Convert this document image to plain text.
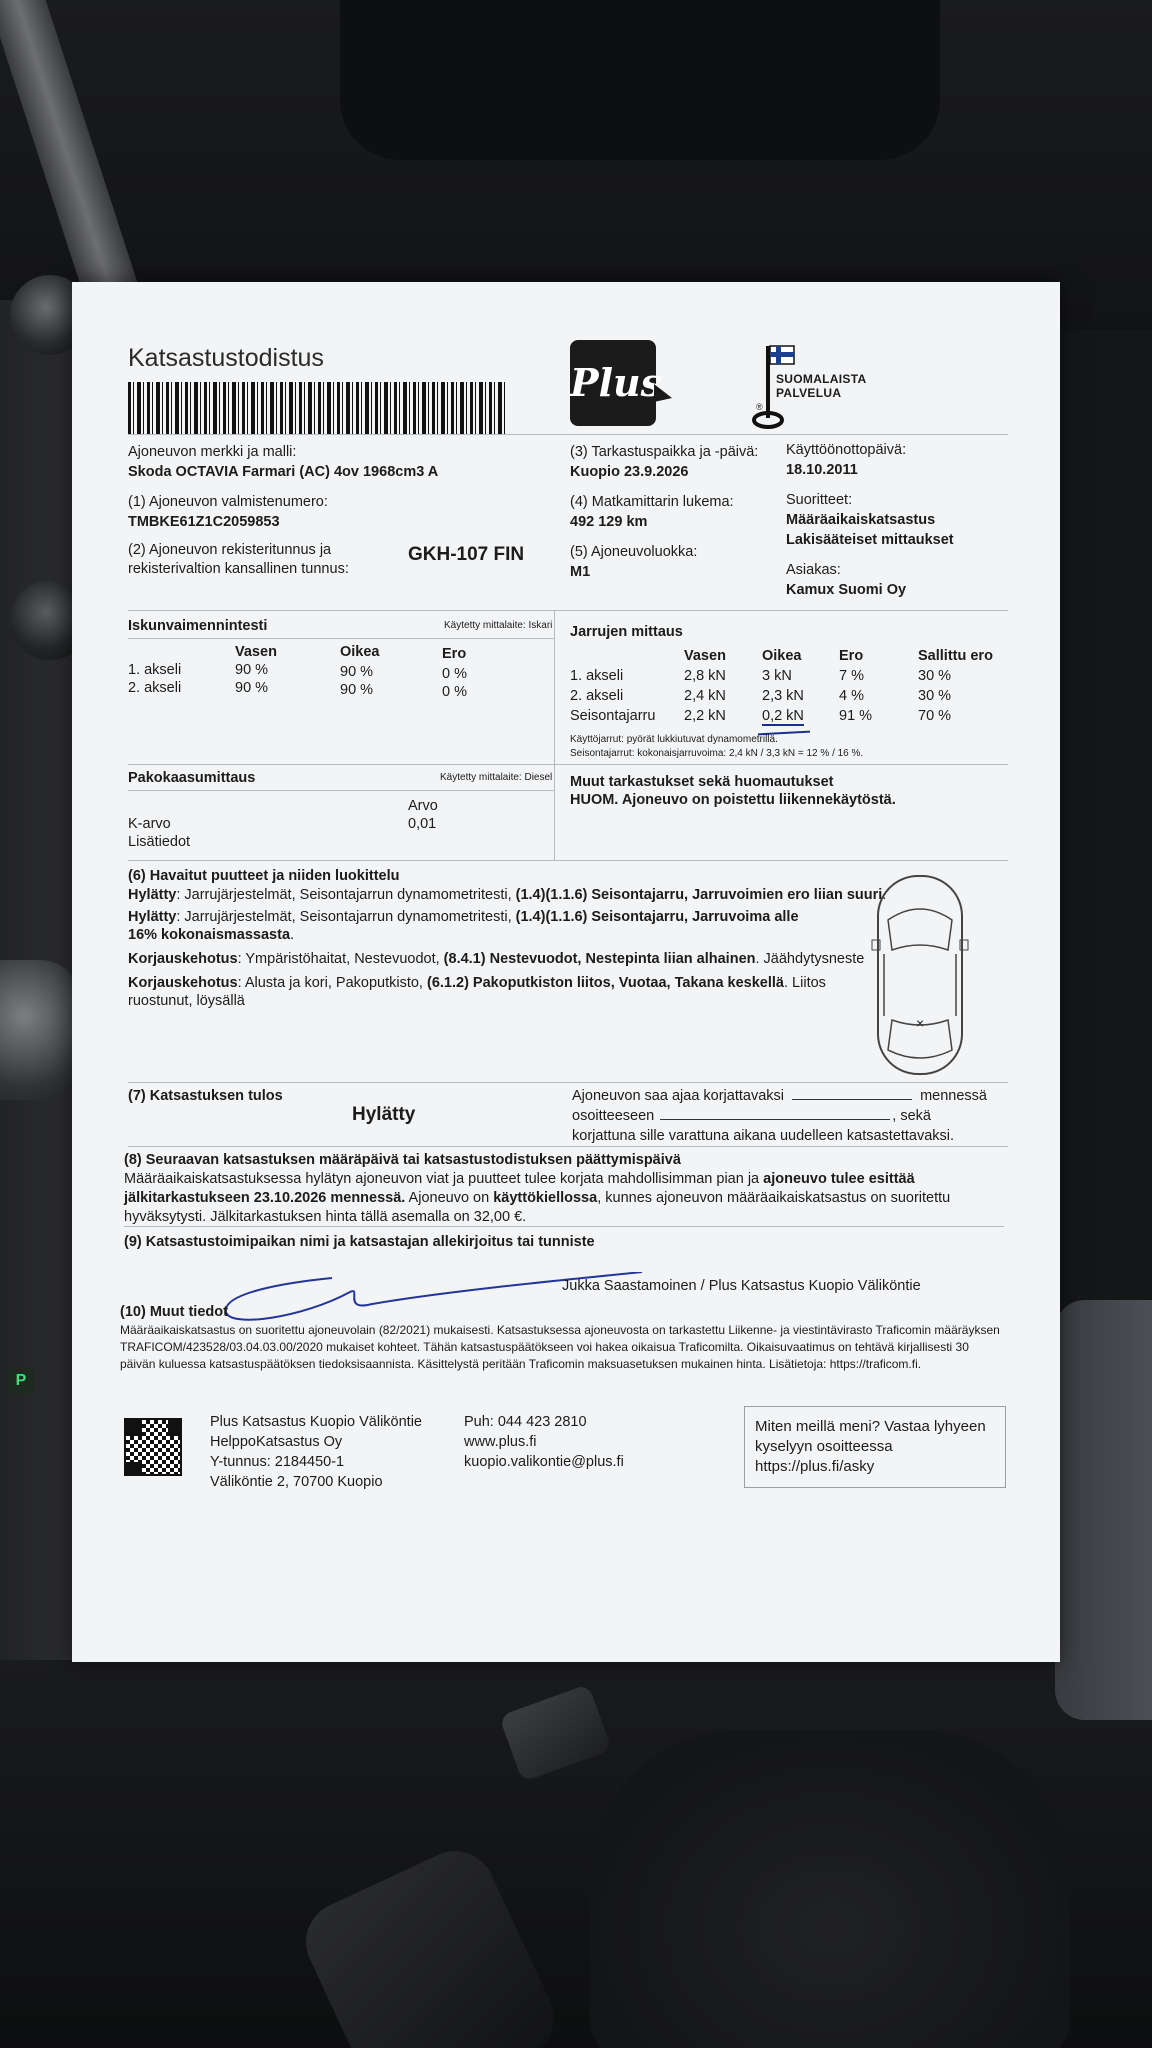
P
Katsastustodistus
Plus	SUOMALAISTA
PALVELUA
®
Ajoneuvon merkki ja malli:
Skoda OCTAVIA Farmari (AC) 4ov 1968cm3 A
(1) Ajoneuvon valmistenumero:
TMBKE61Z1C2059853
(2) Ajoneuvon rekisteritunnus ja
rekisterivaltion kansallinen tunnus:
GKH-107 FIN
(3) Tarkastuspaikka ja -päivä:
Kuopio 23.9.2026
(4) Matkamittarin lukema:
492 129 km
(5) Ajoneuvoluokka:
M1
Käyttöönottopäivä:
18.10.2011
Suoritteet:
Määräaikaiskatsastus
Lakisääteiset mittaukset
Asiakas:
Kamux Suomi Oy
Iskunvaimennintesti	Käytetty mittalaite: Iskari
Vasen	Oikea	Ero
1. akseli	90 %	90 %	0 %
2. akseli	90 %	90 %	0 %
Jarrujen mittaus
Vasen Oikea	Ero	Sallittu ero
1. akseli	2,8 kN 3 kN	7 %	30 %
2. akseli	2,4 kN 2,3 kN 4 %	30 %
Seisontajarru 2,2 kN 0,2 kN 91 %	70 %
Käyttöjarrut: pyörät lukkiutuvat dynamometrillä.
Seisontajarrut: kokonaisjarruvoima: 2,4 kN / 3,3 kN = 12 % / 16 %.
Pakokaasumittaus	Käytetty mittalaite: Diesel
Arvo
K-arvo	0,01
Lisätiedot
Muut tarkastukset sekä huomautukset
HUOM. Ajoneuvo on poistettu liikennekäytöstä.
(6) Havaitut puutteet ja niiden luokittelu
Hylätty: Jarrujärjestelmät, Seisontajarrun dynamometritesti, (1.4)(1.1.6) Seisontajarru, Jarruvoimien ero liian suuri.
Hylätty: Jarrujärjestelmät, Seisontajarrun dynamometritesti, (1.4)(1.1.6) Seisontajarru, Jarruvoima alle 16% kokonaismassasta.
Korjauskehotus: Ympäristöhaitat, Nestevuodot, (8.4.1) Nestevuodot, Nestepinta liian alhainen. Jäähdytysneste
Korjauskehotus: Alusta ja kori, Pakoputkisto, (6.1.2) Pakoputkiston liitos, Vuotaa, Takana keskellä. Liitos ruostunut, löysällä
×
(7) Katsastuksen tulos
Hylätty
Ajoneuvon saa ajaa korjattavaksi	mennessä
osoitteeseen	, sekä
korjattuna sille varattuna aikana uudelleen katsastettavaksi.
(8) Seuraavan katsastuksen määräpäivä tai katsastustodistuksen päättymispäivä
Määräaikaiskatsastuksessa hylätyn ajoneuvon viat ja puutteet tulee korjata mahdollisimman pian ja ajoneuvo tulee esittää jälkitarkastukseen 23.10.2026 mennessä. Ajoneuvo on käyttökiellossa, kunnes ajoneuvon määräaikaiskatsastus on suoritettu hyväksytysti. Jälkitarkastuksen hinta tällä asemalla on 32,00 €.
(9) Katsastustoimipaikan nimi ja katsastajan allekirjoitus tai tunniste
Jukka Saastamoinen / Plus Katsastus Kuopio Väliköntie
(10) Muut tiedot
Määräaikaiskatsastus on suoritettu ajoneuvolain (82/2021) mukaisesti. Katsastuksessa ajoneuvosta on tarkastettu Liikenne- ja viestintävirasto Traficomin määräyksen TRAFICOM/423528/03.04.03.00/2020 mukaiset kohteet. Tähän katsastuspäätökseen voi hakea oikaisua Traficomilta. Oikaisuvaatimus on tehtävä kirjallisesti 30 päivän kuluessa katsastuspäätöksen tiedoksisaannista. Käsittelystä peritään Traficomin maksuasetuksen mukainen hinta. Lisätietoja: https://traficom.fi.
Plus Katsastus Kuopio Väliköntie
HelppoKatsastus Oy
Y-tunnus: 2184450-1
Väliköntie 2, 70700 Kuopio
Puh: 044 423 2810
www.plus.fi
kuopio.valikontie@plus.fi
Miten meillä meni? Vastaa lyhyeen kyselyyn osoitteessa https://plus.fi/asky
